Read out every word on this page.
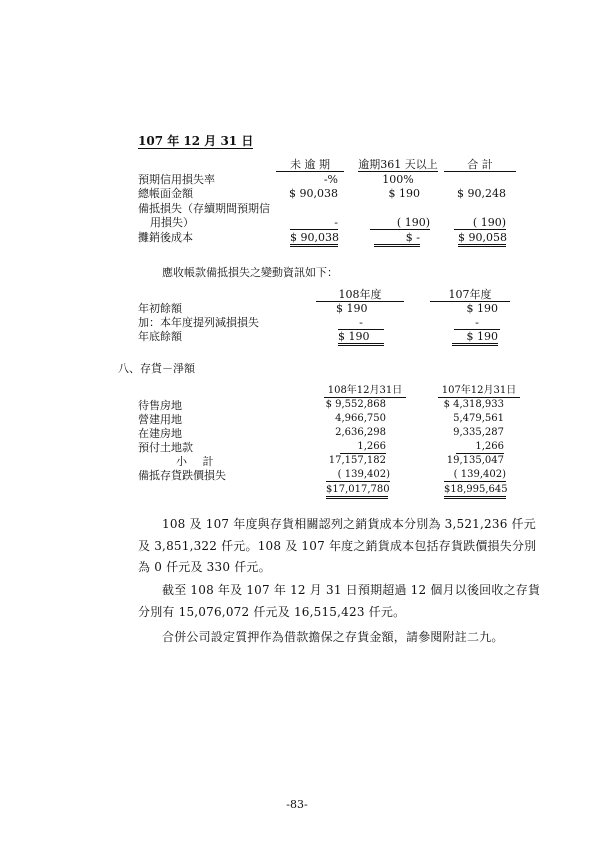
107 年 12 月 31 日
未 逾 期	逾期361 天以上	合 計
預期信用損失率	-%	100%
總帳面金額	$ 90,038	$ 190	$ 90,248
備抵損失（存續期間預期信
用損失）	-	( 190)	( 190)
攤銷後成本	$ 90,038	$ -	$ 90,058
應收帳款備抵損失之變動資訊如下：
108年度	107年度
年初餘額	$ 190	$ 190
加：本年度提列減損損失	-	-
年底餘額	$ 190	$ 190
八、存貨－淨額
108年12月31日	107年12月31日
待售房地	$ 9,552,868	$ 4,318,933
營建用地	4,966,750	5,479,561
在建房地	2,636,298	9,335,287
預付土地款	1,266	1,266
小 計	17,157,182	19,135,047
備抵存貨跌價損失	( 139,402)	( 139,402)
$17,017,780	$18,995,645
108 及 107 年度與存貨相關認列之銷貨成本分別為 3,521,236 仟元
及 3,851,322 仟元。108 及 107 年度之銷貨成本包括存貨跌價損失分別
為 0 仟元及 330 仟元。
截至 108 年及 107 年 12 月 31 日預期超過 12 個月以後回收之存貨
分別有 15,076,072 仟元及 16,515,423 仟元。
合併公司設定質押作為借款擔保之存貨金額，請參閱附註二九。
-83-
